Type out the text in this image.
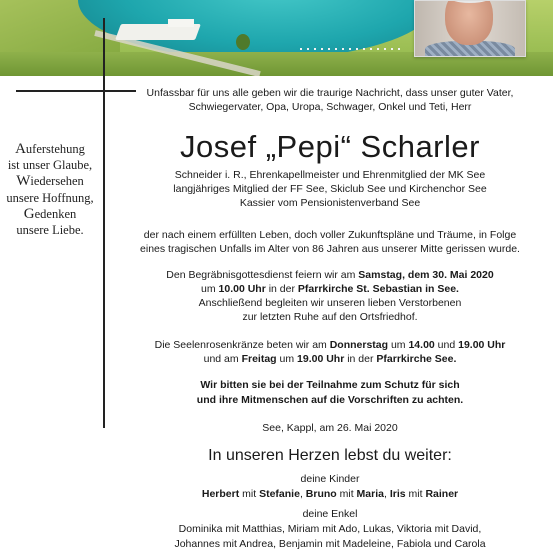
Auferstehung
ist unser Glaube,
Wiedersehen
unsere Hoffnung,
Gedenken
unsere Liebe.
Unfassbar für uns alle geben wir die traurige Nachricht, dass unser guter Vater,
Schwiegervater, Opa, Uropa, Schwager, Onkel und Teti, Herr
Josef „Pepi“ Scharler
Schneider i. R., Ehrenkapellmeister und Ehrenmitglied der MK See
langjähriges Mitglied der FF See, Skiclub See und Kirchenchor See
Kassier vom Pensionistenverband See
der nach einem erfüllten Leben, doch voller Zukunftspläne und Träume, in Folge
eines tragischen Unfalls im Alter von 86 Jahren aus unserer Mitte gerissen wurde.
Den Begräbnisgottesdienst feiern wir am Samstag, dem 30. Mai 2020
um 10.00 Uhr in der Pfarrkirche St. Sebastian in See.
Anschließend begleiten wir unseren lieben Verstorbenen
zur letzten Ruhe auf den Ortsfriedhof.
Die Seelenrosenkränze beten wir am Donnerstag um 14.00 und 19.00 Uhr
und am Freitag um 19.00 Uhr in der Pfarrkirche See.
Wir bitten sie bei der Teilnahme zum Schutz für sich
und ihre Mitmenschen auf die Vorschriften zu achten.
See, Kappl, am 26. Mai 2020
In unseren Herzen lebst du weiter:
deine Kinder
Herbert mit Stefanie, Bruno mit Maria, Iris mit Rainer
deine Enkel
Dominika mit Matthias, Miriam mit Ado, Lukas, Viktoria mit David,
Johannes mit Andrea, Benjamin mit Madeleine, Fabiola und Carola
